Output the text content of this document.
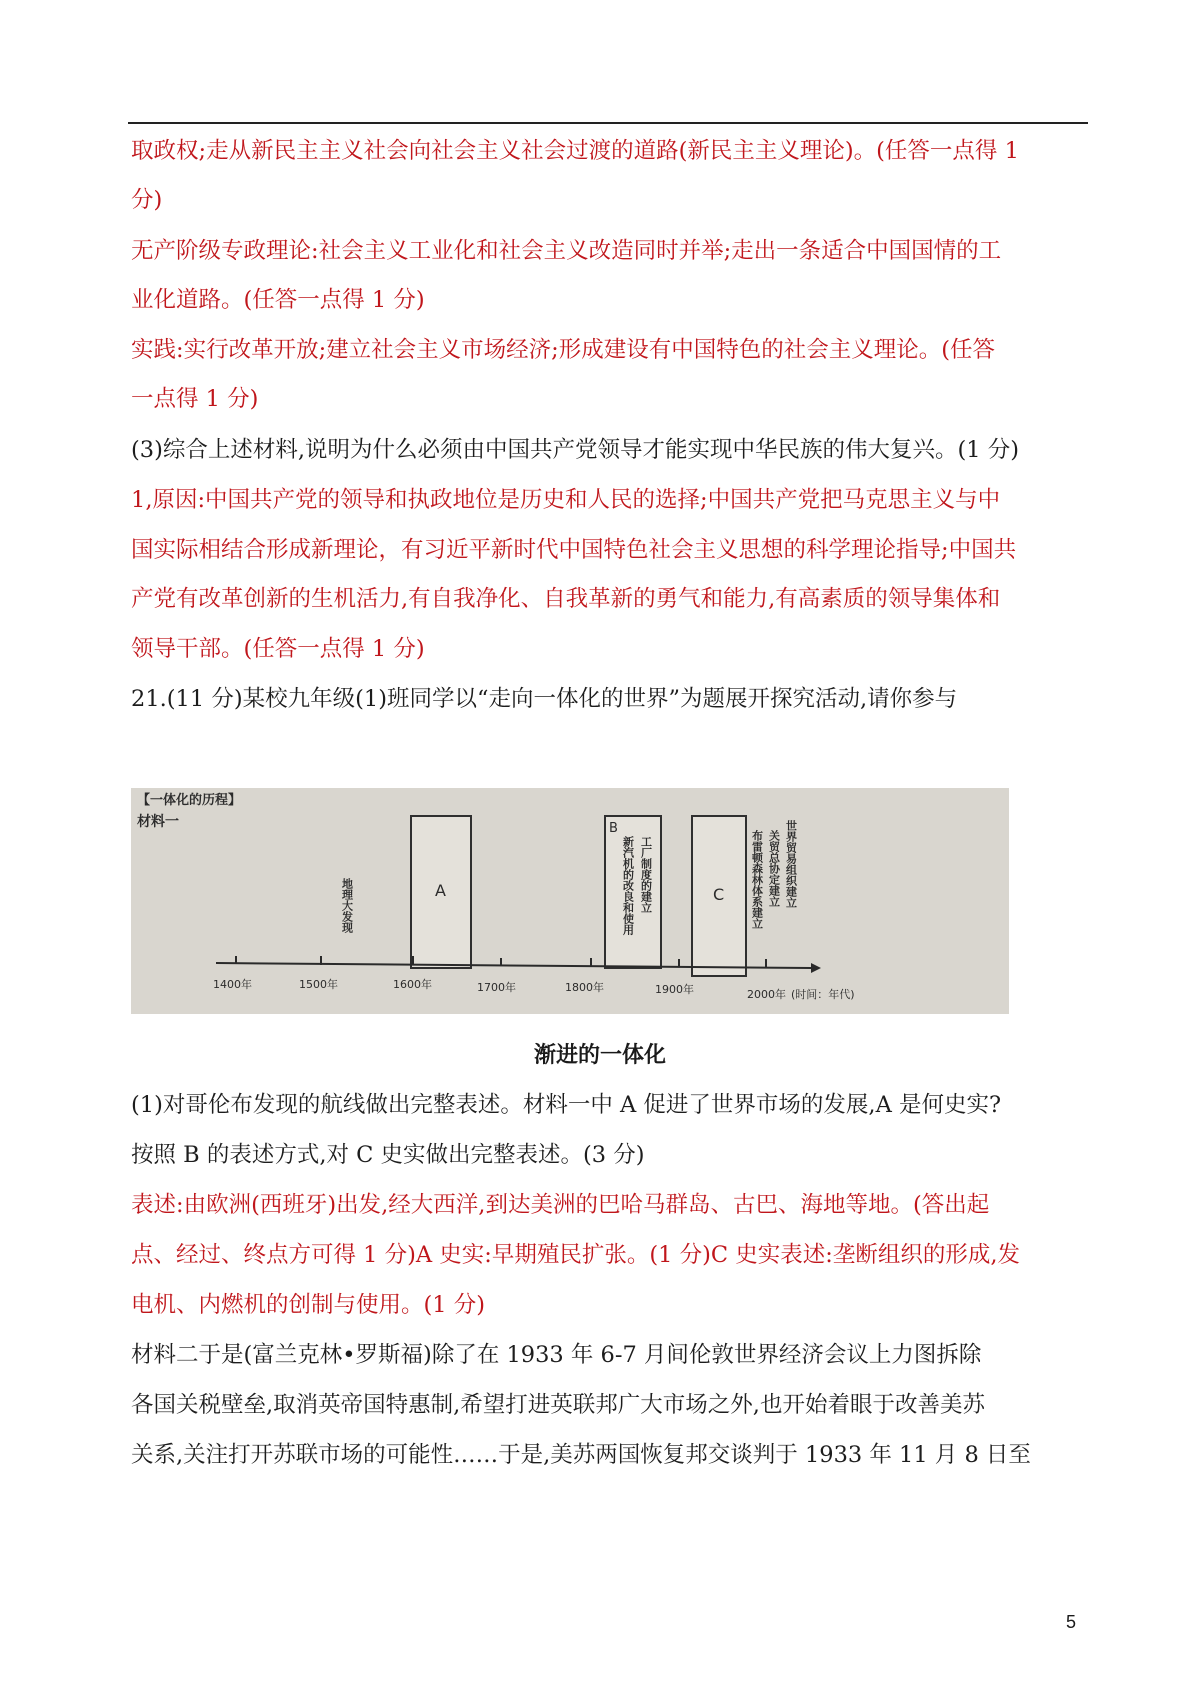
取政权;走从新民主主义社会向社会主义社会过渡的道路(新民主主义理论)。(任答一点得 1
分)
无产阶级专政理论:社会主义工业化和社会主义改造同时并举;走出一条适合中国国情的工
业化道路。(任答一点得 1 分)
实践:实行改革开放;建立社会主义市场经济;形成建设有中国特色的社会主义理论。(任答
一点得 1 分)
(3)综合上述材料,说明为什么必须由中国共产党领导才能实现中华民族的伟大复兴。(1 分)
1,原因:中国共产党的领导和执政地位是历史和人民的选择;中国共产党把马克思主义与中
国实际相结合形成新理论，有习近平新时代中国特色社会主义思想的科学理论指导;中国共
产党有改革创新的生机活力,有自我净化、自我革新的勇气和能力,有高素质的领导集体和
领导干部。(任答一点得 1 分)
21.(11 分)某校九年级(1)班同学以“走向一体化的世界”为题展开探究活动,请你参与
【一体化的历程】
材料一
A
B
C
地理大发现	工厂制度的建立
新汽机的改良和使用	世界贸易组织建立
关贸总协定建立
布雷顿森林体系建立
1400年	1500年	1600年	1700年	1800年	1900年	2000年 (时间：年代)
渐进的一体化
(1)对哥伦布发现的航线做出完整表述。材料一中 A 促进了世界市场的发展,A 是何史实?
按照 B 的表述方式,对 C 史实做出完整表述。(3 分)
表述:由欧洲(西班牙)出发,经大西洋,到达美洲的巴哈马群岛、古巴、海地等地。(答出起
点、经过、终点方可得 1 分)A 史实:早期殖民扩张。(1 分)C 史实表述:垄断组织的形成,发
电机、内燃机的创制与使用。(1 分)
材料二于是(富兰克林•罗斯福)除了在 1933 年 6-7 月间伦敦世界经济会议上力图拆除
各国关税壁垒,取消英帝国特惠制,希望打进英联邦广大市场之外,也开始着眼于改善美苏
关系,关注打开苏联市场的可能性……于是,美苏两国恢复邦交谈判于 1933 年 11 月 8 日至
5
